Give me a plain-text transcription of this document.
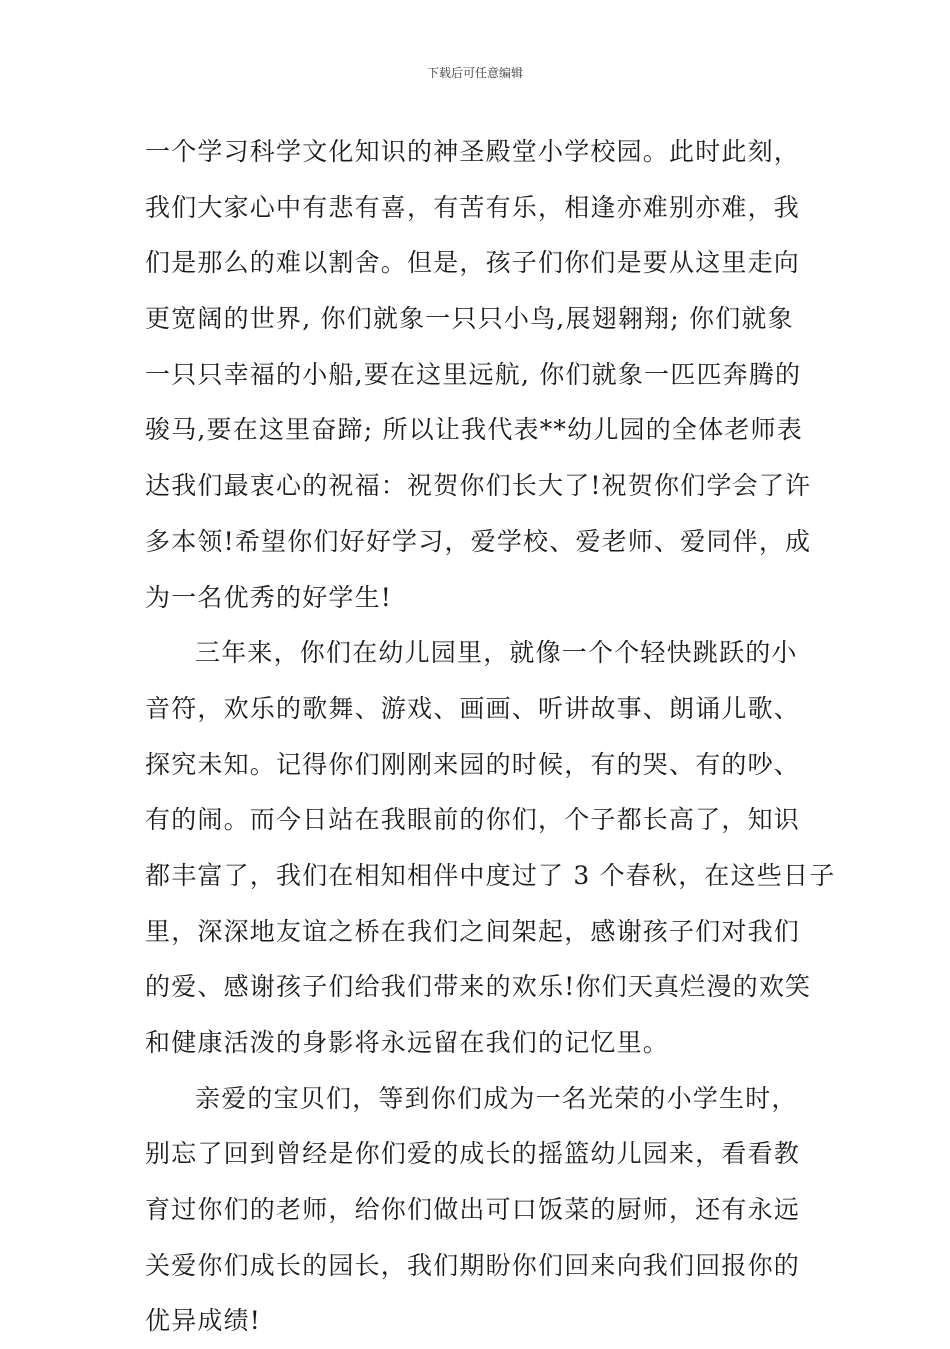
下载后可任意编辑
一个学习科学文化知识的神圣殿堂小学校园。此时此刻，
我们大家心中有悲有喜，有苦有乐，相逢亦难别亦难，我
们是那么的难以割舍。但是，孩子们你们是要从这里走向
更宽阔的世界, 你们就象一只只小鸟,展翅翱翔; 你们就象
一只只幸福的小船,要在这里远航, 你们就象一匹匹奔腾的
骏马,要在这里奋蹄; 所以让我代表**幼儿园的全体老师表
达我们最衷心的祝福：祝贺你们长大了!祝贺你们学会了许
多本领!希望你们好好学习，爱学校、爱老师、爱同伴，成
为一名优秀的好学生!
三年来，你们在幼儿园里，就像一个个轻快跳跃的小
音符，欢乐的歌舞、游戏、画画、听讲故事、朗诵儿歌、
探究未知。记得你们刚刚来园的时候，有的哭、有的吵、
有的闹。而今日站在我眼前的你们，个子都长高了，知识
都丰富了，我们在相知相伴中度过了 3 个春秋，在这些日子
里，深深地友谊之桥在我们之间架起，感谢孩子们对我们
的爱、感谢孩子们给我们带来的欢乐!你们天真烂漫的欢笑
和健康活泼的身影将永远留在我们的记忆里。
亲爱的宝贝们，等到你们成为一名光荣的小学生时，
别忘了回到曾经是你们爱的成长的摇篮幼儿园来，看看教
育过你们的老师，给你们做出可口饭菜的厨师，还有永远
关爱你们成长的园长，我们期盼你们回来向我们回报你的
优异成绩!
